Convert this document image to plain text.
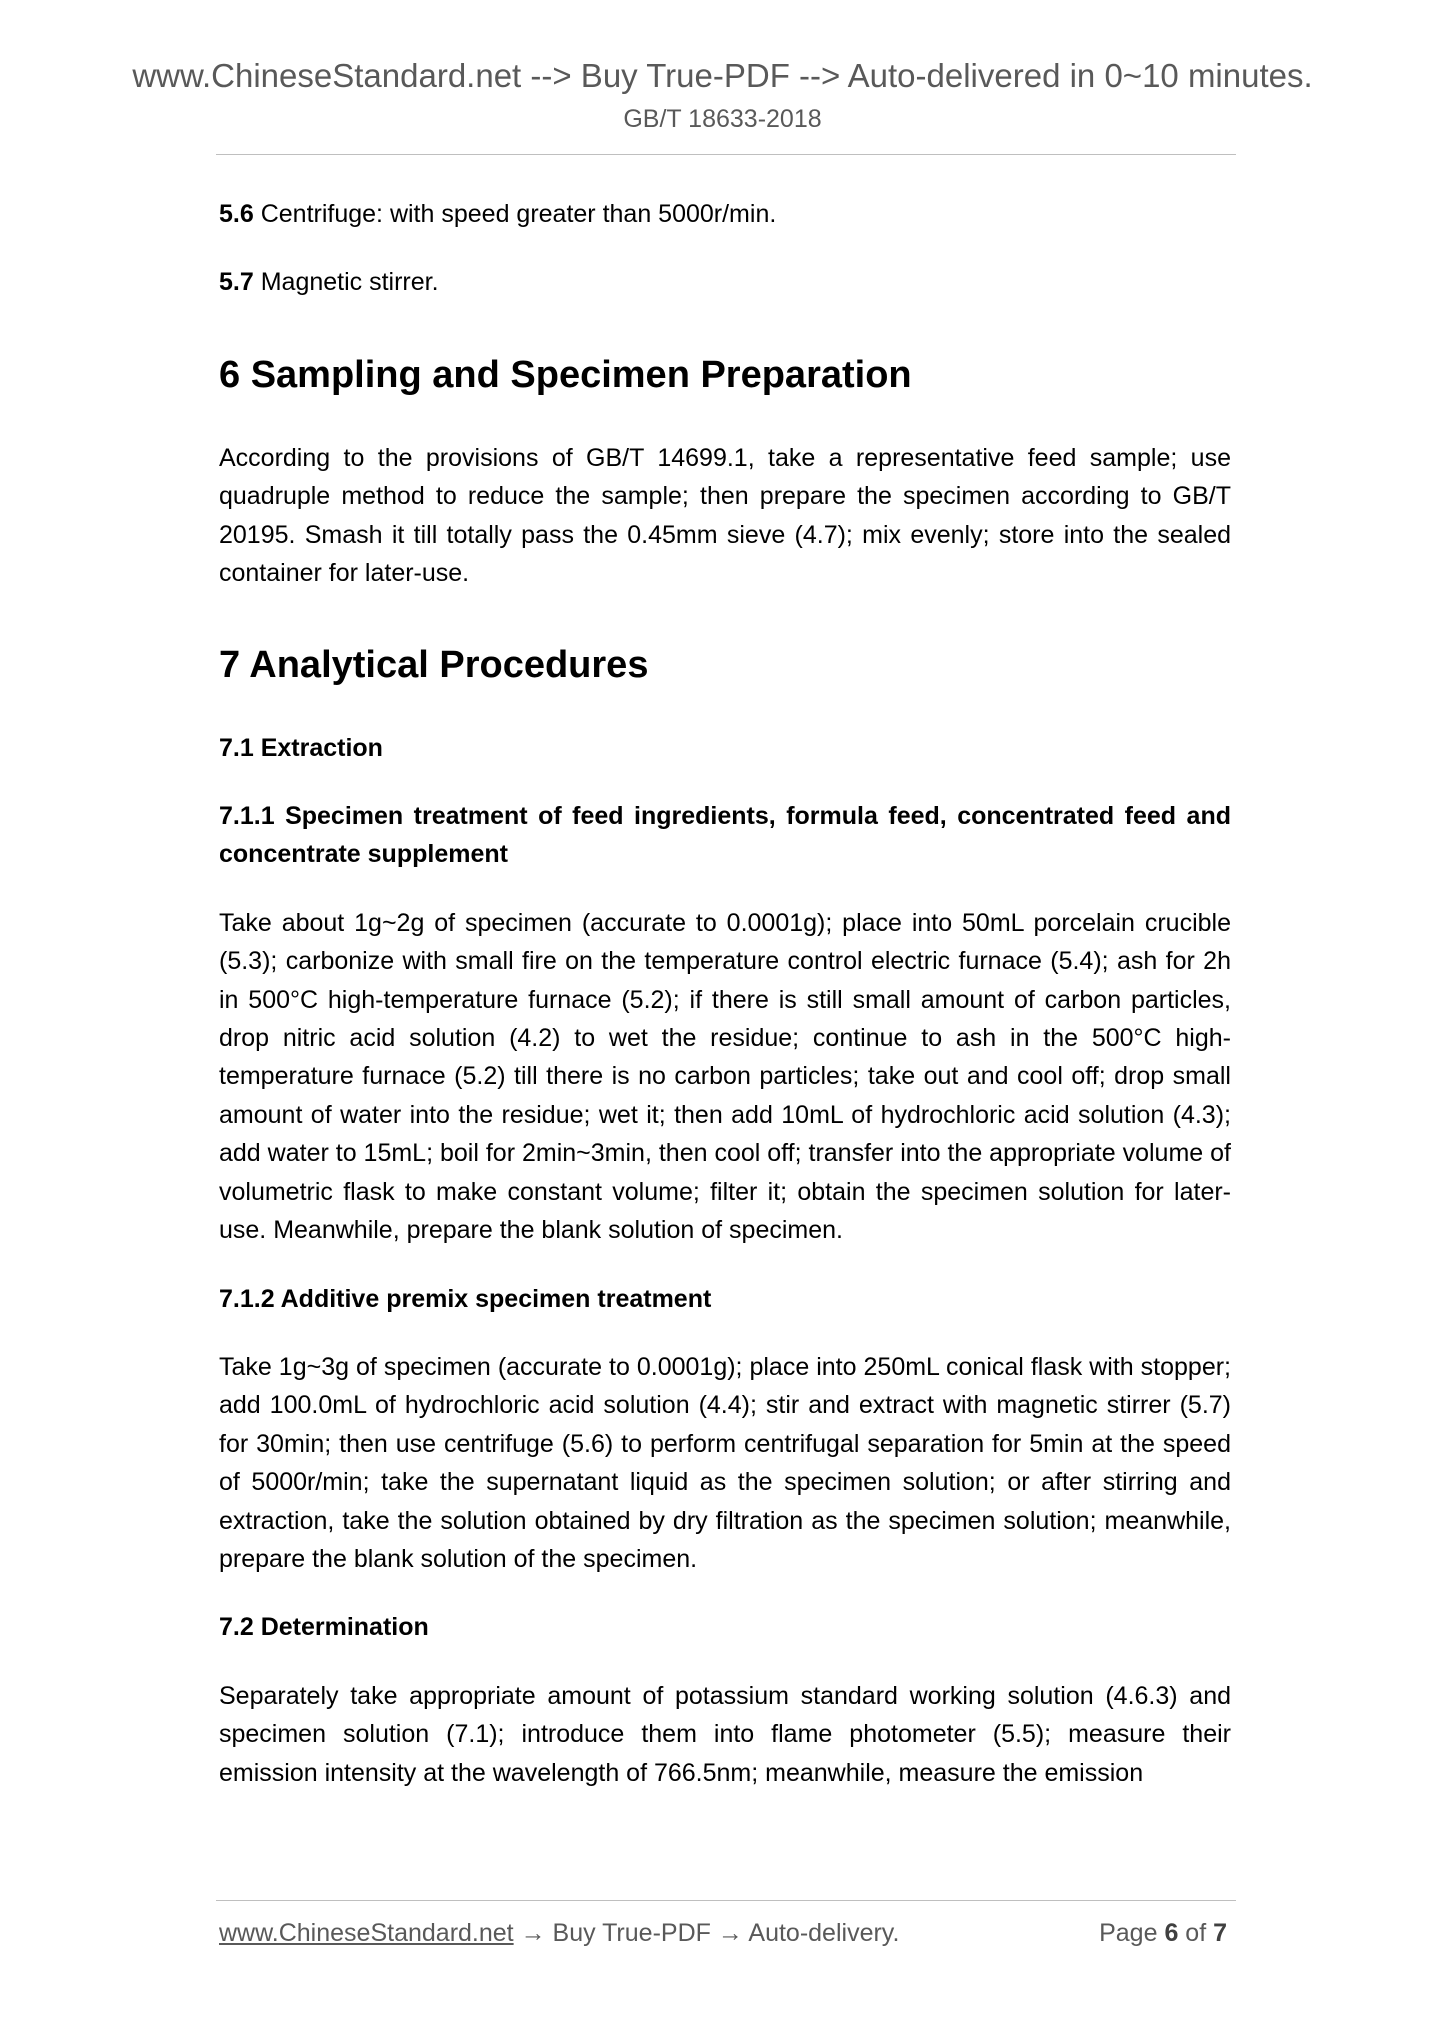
www.ChineseStandard.net --> Buy True-PDF --> Auto-delivered in 0~10 minutes.
GB/T 18633-2018
5.6 Centrifuge: with speed greater than 5000r/min.
5.7 Magnetic stirrer.
6 Sampling and Specimen Preparation

According to the provisions of GB/T 14699.1, take a representative feed sample; use quadruple method to reduce the sample; then prepare the specimen according to GB/T 20195. Smash it till totally pass the 0.45mm sieve (4.7); mix evenly; store into the sealed container for later-use.

7 Analytical Procedures
7.1 Extraction
7.1.1 Specimen treatment of feed ingredients, formula feed, concentrated feed and concentrate supplement

Take about 1g~2g of specimen (accurate to 0.0001g); place into 50mL porcelain crucible (5.3); carbonize with small fire on the temperature control electric furnace (5.4); ash for 2h in 500°C high-temperature furnace (5.2); if there is still small amount of carbon particles, drop nitric acid solution (4.2) to wet the residue; continue to ash in the 500°C high-temperature furnace (5.2) till there is no carbon particles; take out and cool off; drop small amount of water into the residue; wet it; then add 10mL of hydrochloric acid solution (4.3); add water to 15mL; boil for 2min~3min, then cool off; transfer into the appropriate volume of volumetric flask to make constant volume; filter it; obtain the specimen solution for later-use. Meanwhile, prepare the blank solution of specimen.

7.1.2 Additive premix specimen treatment

Take 1g~3g of specimen (accurate to 0.0001g); place into 250mL conical flask with stopper; add 100.0mL of hydrochloric acid solution (4.4); stir and extract with magnetic stirrer (5.7) for 30min; then use centrifuge (5.6) to perform centrifugal separation for 5min at the speed of 5000r/min; take the supernatant liquid as the specimen solution; or after stirring and extraction, take the solution obtained by dry filtration as the specimen solution; meanwhile, prepare the blank solution of the specimen.

7.2 Determination

Separately take appropriate amount of potassium standard working solution (4.6.3) and specimen solution (7.1); introduce them into flame photometer (5.5); measure their emission intensity at the wavelength of 766.5nm; meanwhile, measure the emission

www.ChineseStandard.net → Buy True-PDF → Auto-delivery.	Page 6 of 7
